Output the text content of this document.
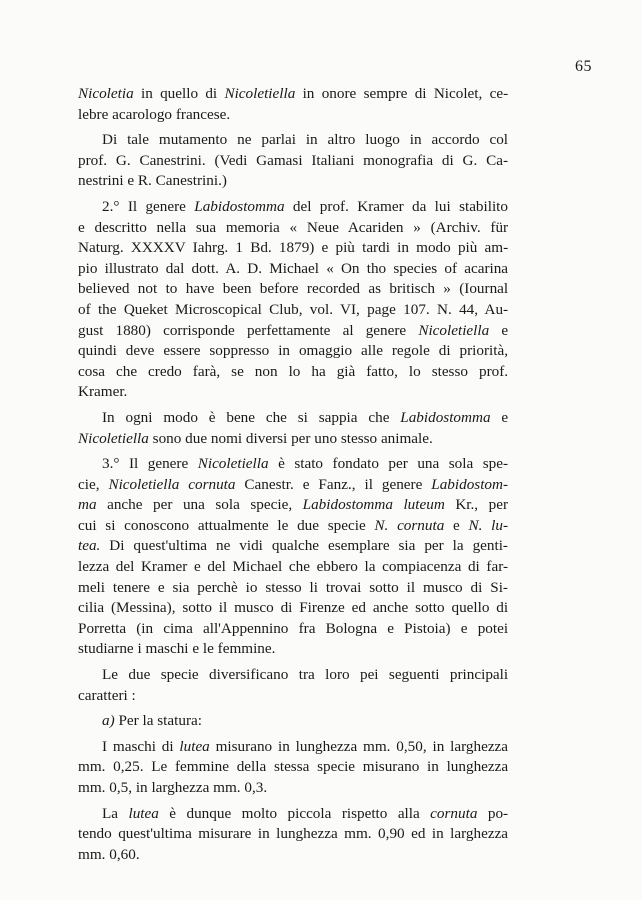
65
Nicoletia in quello di Nicoletiella in onore sempre di Nicolet, ce-
lebre acarologo francese.
Di tale mutamento ne parlai in altro luogo in accordo col
prof. G. Canestrini. (Vedi Gamasi Italiani monografia di G. Ca-
nestrini e R. Canestrini.)
2.° Il genere Labidostomma del prof. Kramer da lui stabilito
e descritto nella sua memoria « Neue Acariden » (Archiv. für
Naturg. XXXXV Iahrg. 1 Bd. 1879) e più tardi in modo più am-
pio illustrato dal dott. A. D. Michael « On tho species of acarina
believed not to have been before recorded as britisch » (Iournal
of the Queket Microscopical Club, vol. VI, page 107. N. 44, Au-
gust 1880) corrisponde perfettamente al genere Nicoletiella e
quindi deve essere soppresso in omaggio alle regole di priorità,
cosa che credo farà, se non lo ha già fatto, lo stesso prof.
Kramer.
In ogni modo è bene che si sappia che Labidostomma e
Nicoletiella sono due nomi diversi per uno stesso animale.
3.° Il genere Nicoletiella è stato fondato per una sola spe-
cie, Nicoletiella cornuta Canestr. e Fanz., il genere Labidostom-
ma anche per una sola specie, Labidostomma luteum Kr., per
cui si conoscono attualmente le due specie N. cornuta e N. lu-
tea. Di quest'ultima ne vidi qualche esemplare sia per la genti-
lezza del Kramer e del Michael che ebbero la compiacenza di far-
meli tenere e sia perchè io stesso li trovai sotto il musco di Si-
cilia (Messina), sotto il musco di Firenze ed anche sotto quello di
Porretta (in cima all'Appennino fra Bologna e Pistoia) e potei
studiarne i maschi e le femmine.
Le due specie diversificano tra loro pei seguenti principali
caratteri :
a) Per la statura:
I maschi di lutea misurano in lunghezza mm. 0,50, in larghezza
mm. 0,25. Le femmine della stessa specie misurano in lunghezza
mm. 0,5, in larghezza mm. 0,3.
La lutea è dunque molto piccola rispetto alla cornuta po-
tendo quest'ultima misurare in lunghezza mm. 0,90 ed in larghezza
mm. 0,60.
